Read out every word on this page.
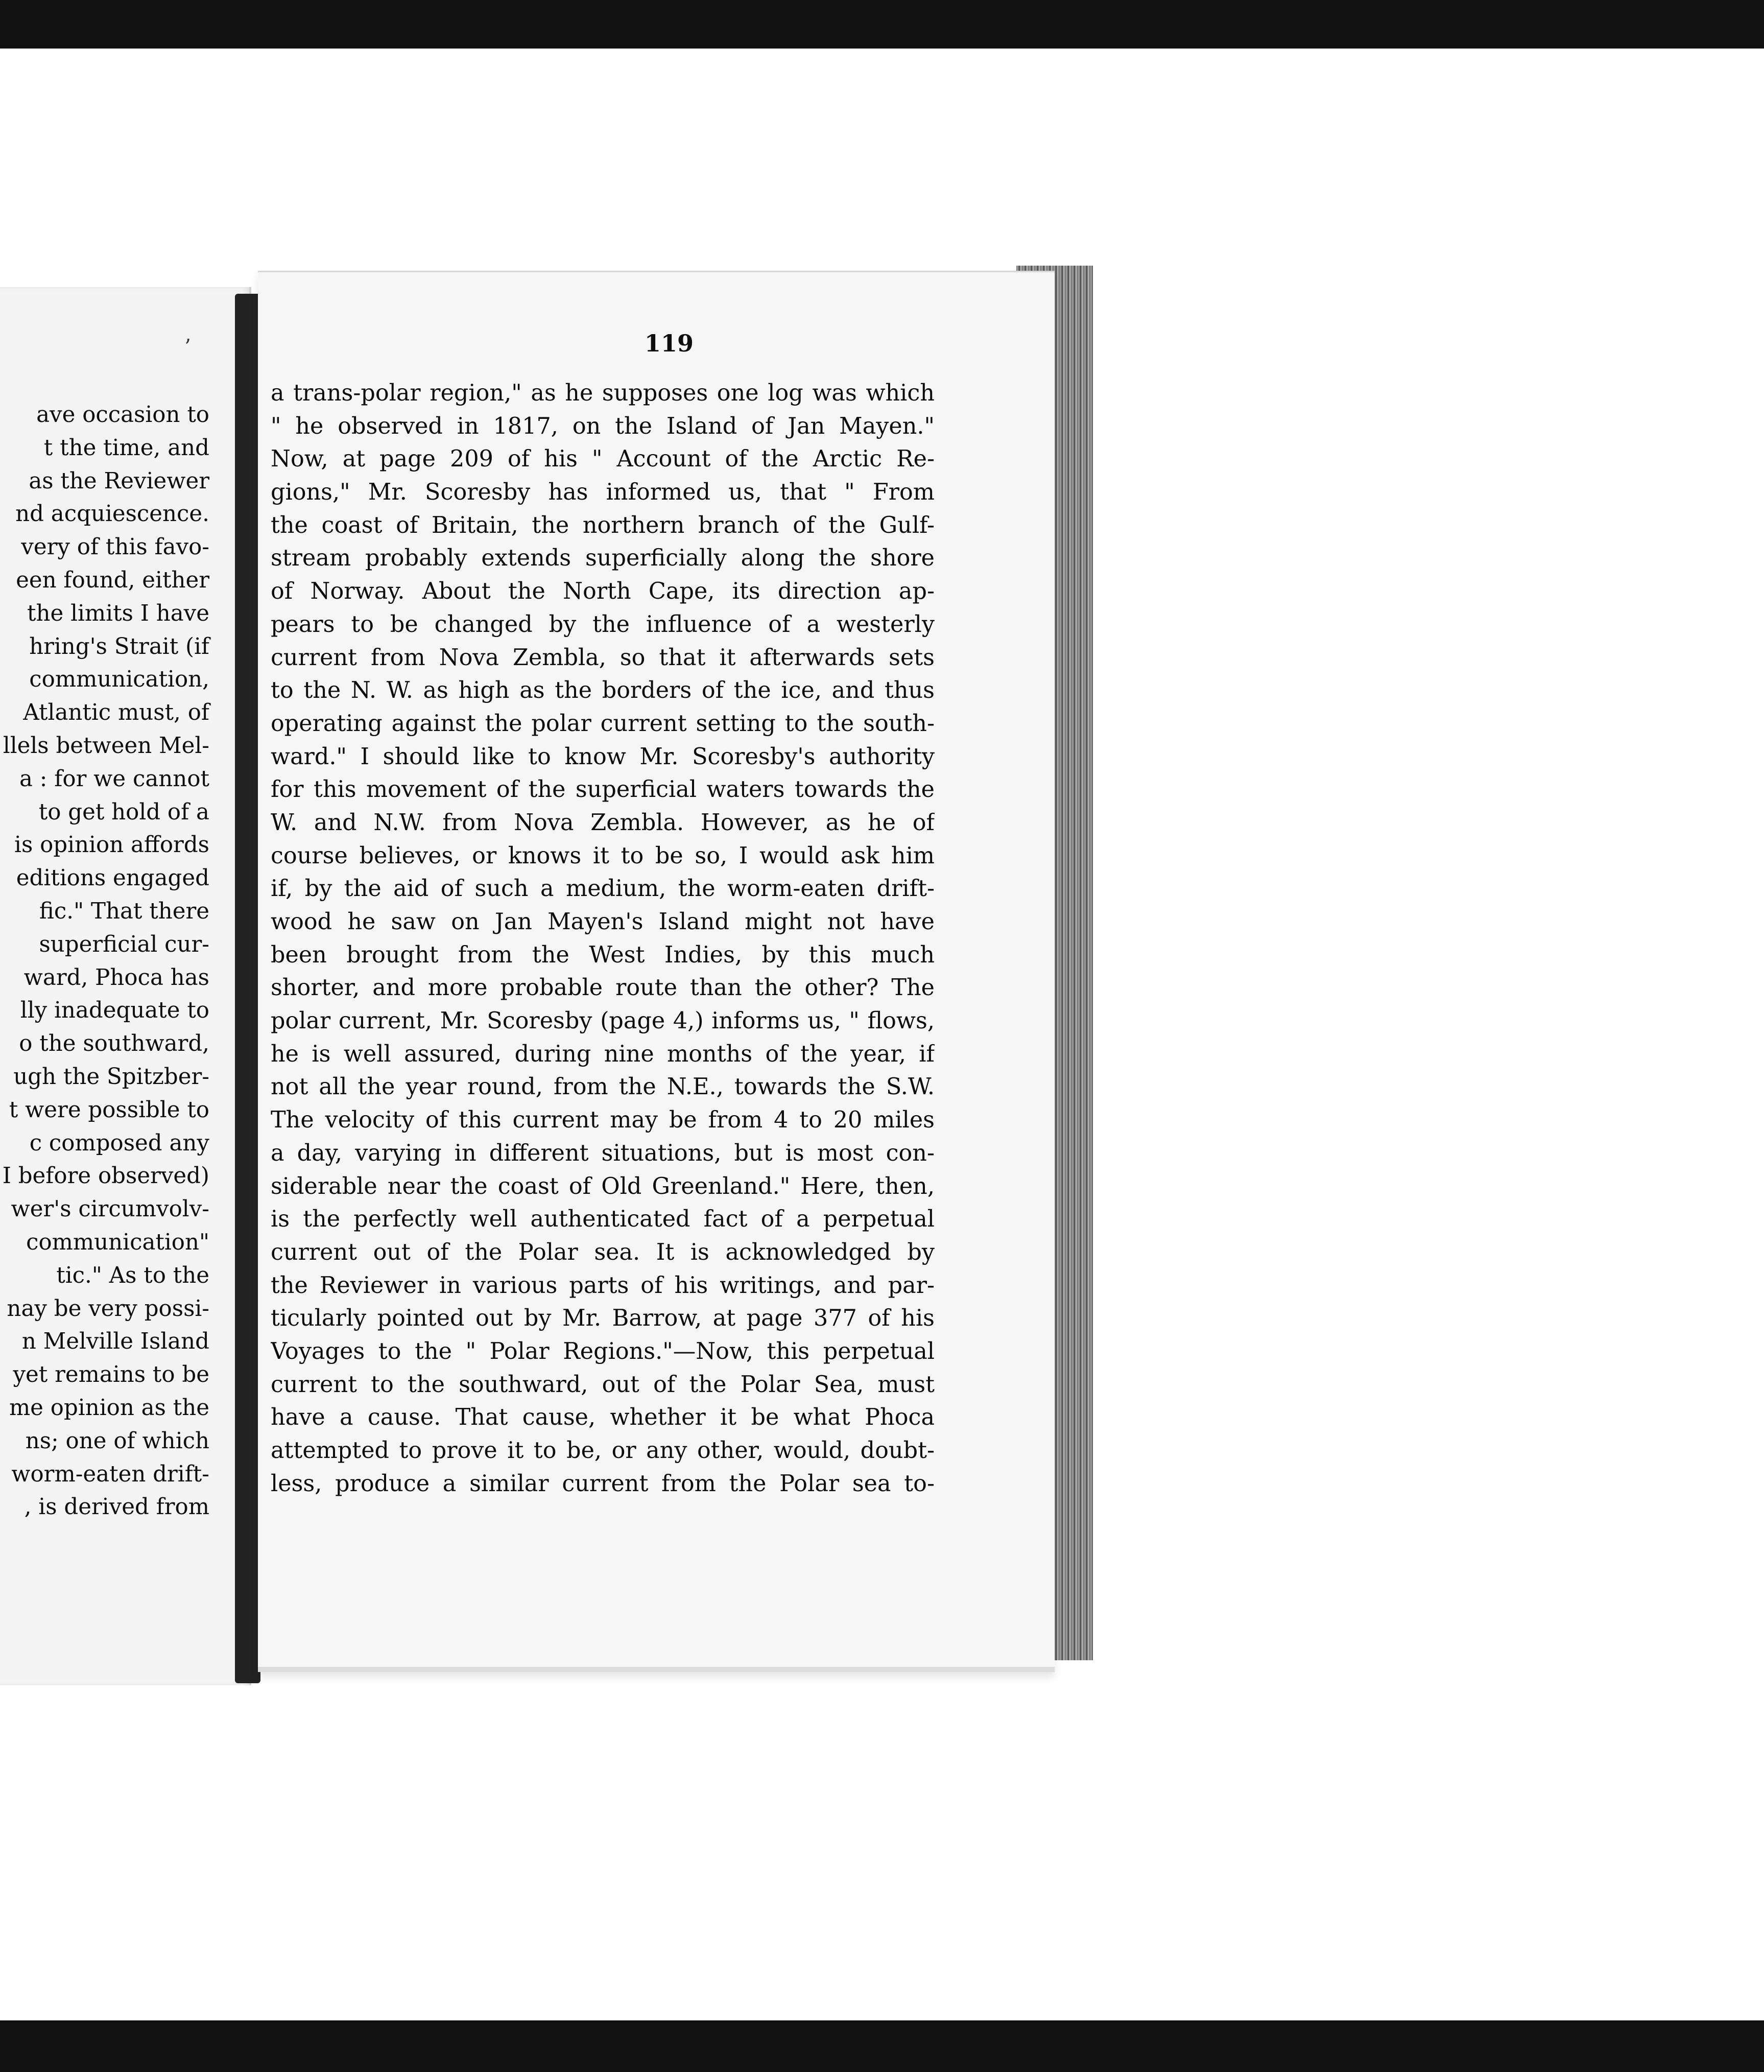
ʼ
ave occasion to
t the time, and
as the Reviewer
nd acquiescence.
very of this favo-
een found, either
the limits I have
hring's Strait (if
communication,
Atlantic must, of
llels between Mel-
a : for we cannot
to get hold of a
is opinion affords
editions engaged
fic." That there
superficial cur-
ward, Phoca has
lly inadequate to
o the southward,
ugh the Spitzber-
t were possible to
c composed any
I before observed)
wer's circumvolv-
communication"
tic." As to the
nay be very possi-
n Melville Island
yet remains to be
me opinion as the
ns; one of which
worm-eaten drift-
, is derived from
119
a trans-polar region," as he supposes one log was which
" he observed in 1817, on the Island of Jan Mayen."
Now, at page 209 of his " Account of the Arctic Re-
gions," Mr. Scoresby has informed us, that " From
the coast of Britain, the northern branch of the Gulf-
stream probably extends superficially along the shore
of Norway. About the North Cape, its direction ap-
pears to be changed by the influence of a westerly
current from Nova Zembla, so that it afterwards sets
to the N. W. as high as the borders of the ice, and thus
operating against the polar current setting to the south-
ward." I should like to know Mr. Scoresby's authority
for this movement of the superficial waters towards the
W. and N.W. from Nova Zembla. However, as he of
course believes, or knows it to be so, I would ask him
if, by the aid of such a medium, the worm-eaten drift-
wood he saw on Jan Mayen's Island might not have
been brought from the West Indies, by this much
shorter, and more probable route than the other? The
polar current, Mr. Scoresby (page 4,) informs us, " flows,
he is well assured, during nine months of the year, if
not all the year round, from the N.E., towards the S.W.
The velocity of this current may be from 4 to 20 miles
a day, varying in different situations, but is most con-
siderable near the coast of Old Greenland." Here, then,
is the perfectly well authenticated fact of a perpetual
current out of the Polar sea. It is acknowledged by
the Reviewer in various parts of his writings, and par-
ticularly pointed out by Mr. Barrow, at page 377 of his
Voyages to the " Polar Regions."—Now, this perpetual
current to the southward, out of the Polar Sea, must
have a cause. That cause, whether it be what Phoca
attempted to prove it to be, or any other, would, doubt-
less, produce a similar current from the Polar sea to-
